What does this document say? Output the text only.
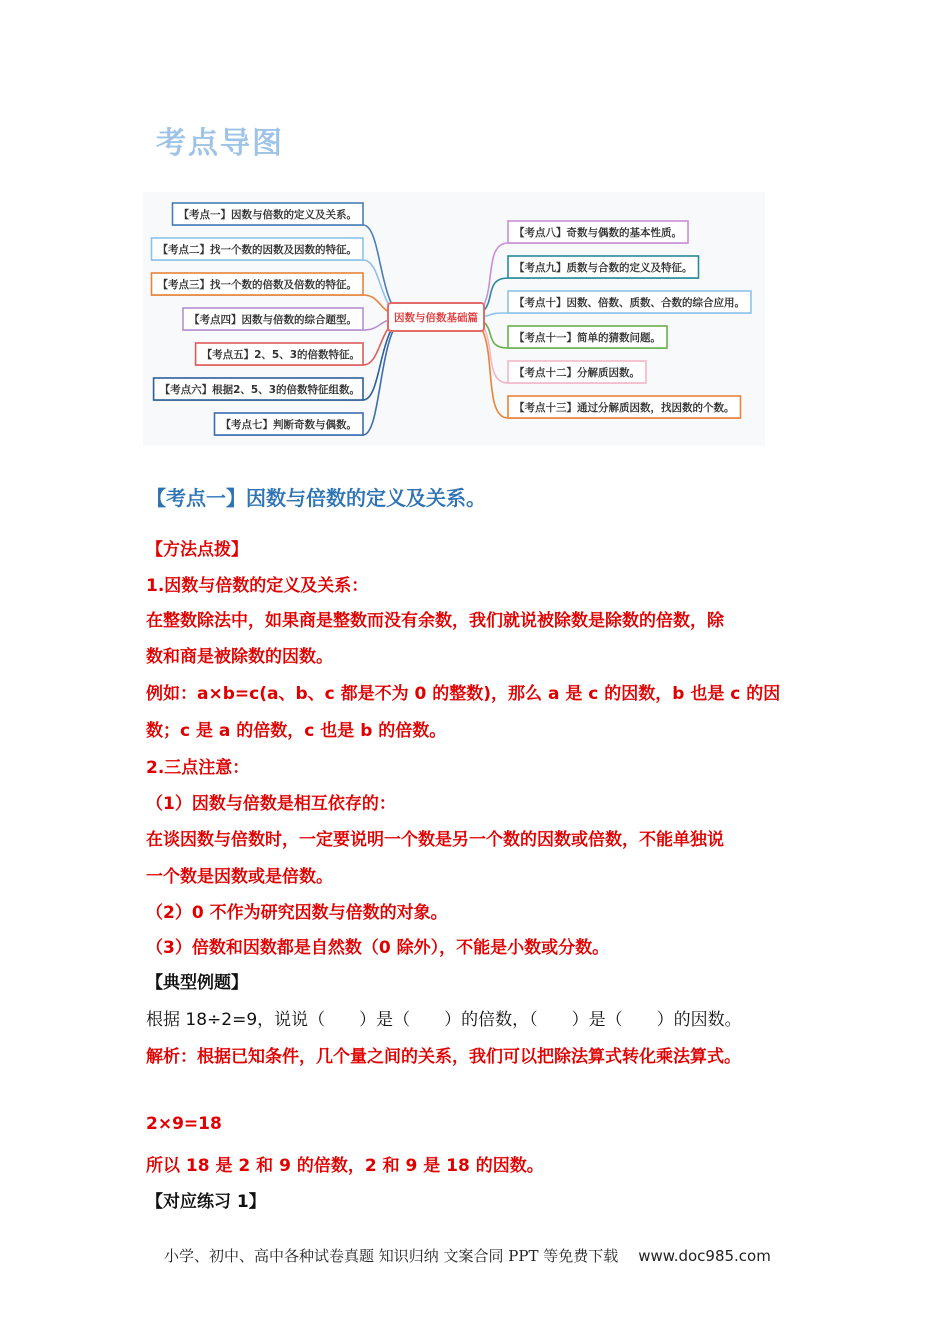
考点导图
【考点一】因数与倍数的定义及关系。
【考点二】找一个数的因数及因数的特征。
【考点三】找一个数的倍数及倍数的特征。
【考点四】因数与倍数的综合题型。
【考点五】2、5、3的倍数特征。
【考点六】根据2、5、3的倍数特征组数。
【考点七】判断奇数与偶数。
【考点八】奇数与偶数的基本性质。
【考点九】质数与合数的定义及特征。
【考点十】因数、倍数、质数、合数的综合应用。
【考点十一】简单的猜数问题。
【考点十二】分解质因数。
【考点十三】通过分解质因数，找因数的个数。
因数与倍数基础篇
【考点一】因数与倍数的定义及关系。
【方法点拨】
1.因数与倍数的定义及关系：
在整数除法中，如果商是整数而没有余数，我们就说被除数是除数的倍数，除
数和商是被除数的因数。
例如：a×b=c(a、b、c 都是不为 0 的整数)，那么 a 是 c 的因数，b 也是 c 的因
数；c 是 a 的倍数，c 也是 b 的倍数。
2.三点注意：
（1）因数与倍数是相互依存的：
在谈因数与倍数时，一定要说明一个数是另一个数的因数或倍数，不能单独说
一个数是因数或是倍数。
（2）0 不作为研究因数与倍数的对象。
（3）倍数和因数都是自然数（0 除外），不能是小数或分数。
【典型例题】
根据 18÷2=9，说说（　　）是（　　）的倍数，（　　）是（　　）的因数。
解析：根据已知条件，几个量之间的关系，我们可以把除法算式转化乘法算式。
2×9=18
所以 18 是 2 和 9 的倍数，2 和 9 是 18 的因数。
【对应练习 1】
小学、初中、高中各种试卷真题 知识归纳 文案合同 PPT 等免费下载 www.doc985.com
